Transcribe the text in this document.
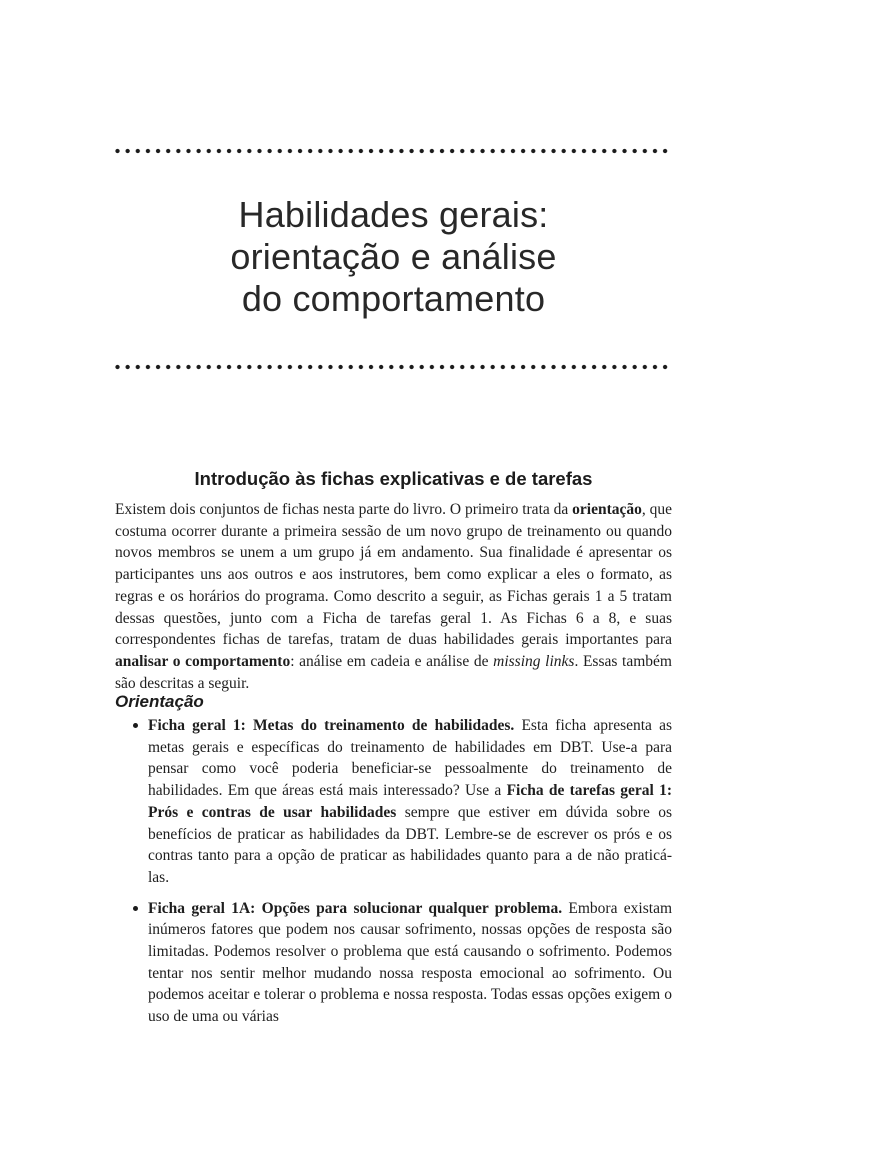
Habilidades gerais:
orientação e análise
do comportamento
Introdução às fichas explicativas e de tarefas

Existem dois conjuntos de fichas nesta parte do livro. O primeiro trata da orientação, que costuma ocorrer durante a primeira sessão de um novo grupo de treinamento ou quando novos membros se unem a um grupo já em andamento. Sua finalidade é apresentar os participantes uns aos outros e aos instrutores, bem como explicar a eles o formato, as regras e os horários do programa. Como descrito a seguir, as Fichas gerais 1 a 5 tratam dessas questões, junto com a Ficha de tarefas geral 1. As Fichas 6 a 8, e suas correspondentes fichas de tarefas, tratam de duas habilidades gerais importantes para analisar o comportamento: análise em cadeia e análise de missing links. Essas também são descritas a seguir.

Orientação
Ficha geral 1: Metas do treinamento de habilidades. Esta ficha apresenta as metas gerais e específicas do treinamento de habilidades em DBT. Use-a para pensar como você poderia beneficiar-se pessoalmente do treinamento de habilidades. Em que áreas está mais interessado? Use a Ficha de tarefas geral 1: Prós e contras de usar habilidades sempre que estiver em dúvida sobre os benefícios de praticar as habilidades da DBT. Lembre-se de escrever os prós e os contras tanto para a opção de praticar as habilidades quanto para a de não praticá-las.
Ficha geral 1A: Opções para solucionar qualquer problema. Embora existam inúmeros fatores que podem nos causar sofrimento, nossas opções de resposta são limitadas. Podemos resolver o problema que está causando o sofrimento. Podemos tentar nos sentir melhor mudando nossa resposta emocional ao sofrimento. Ou podemos aceitar e tolerar o problema e nossa resposta. Todas essas opções exigem o uso de uma ou várias
